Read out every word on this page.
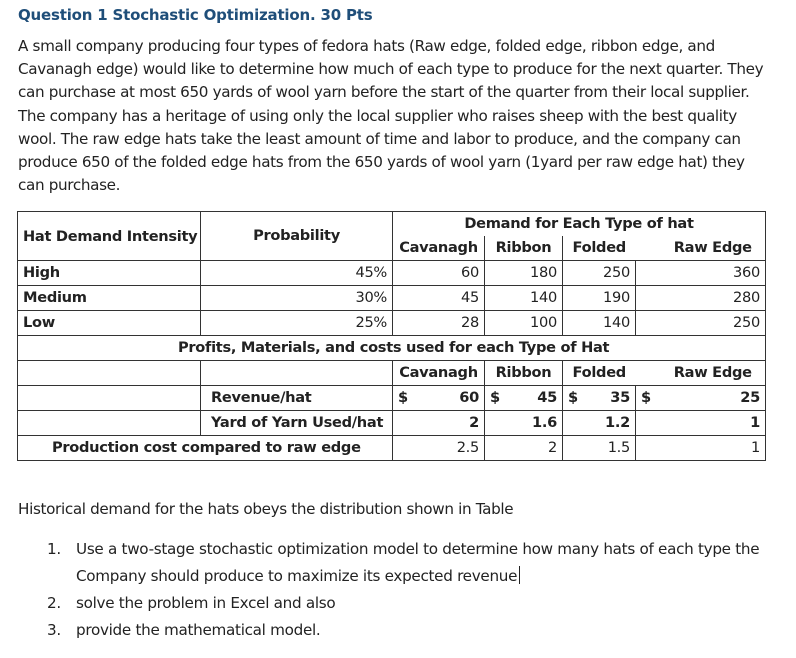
Question 1 Stochastic Optimization. 30 Pts
A small company producing four types of fedora hats (Raw edge, folded edge, ribbon edge, and Cavanagh edge) would like to determine how much of each type to produce for the next quarter. They can purchase at most 650 yards of wool yarn before the start of the quarter from their local supplier. The company has a heritage of using only the local supplier who raises sheep with the best quality wool. The raw edge hats take the least amount of time and labor to produce, and the company can produce 650 of the folded edge hats from the 650 yards of wool yarn (1yard per raw edge hat) they can purchase.
Hat Demand Intensity	Probability	Demand for Each Type of hat			
		Cavanagh	Ribbon	Folded	Raw Edge
High	45%	60	180	250	360
Medium	30%	45	140	190	280
Low	25%	28	100	140	250
Profits, Materials, and costs used for each Type of Hat					
		Cavanagh	Ribbon	Folded	Raw Edge
	Revenue/hat	$ 60	$ 45	$ 35	$ 25

	Yard of Yarn Used/hat	2	1.6	1.2	1
Production cost compared to raw edge		2.5	2	1.5	1
Historical demand for the hats obeys the distribution shown in Table
1. Use a two-stage stochastic optimization model to determine how many hats of each type the Company should produce to maximize its expected revenue
2. solve the problem in Excel and also
3. provide the mathematical model.
